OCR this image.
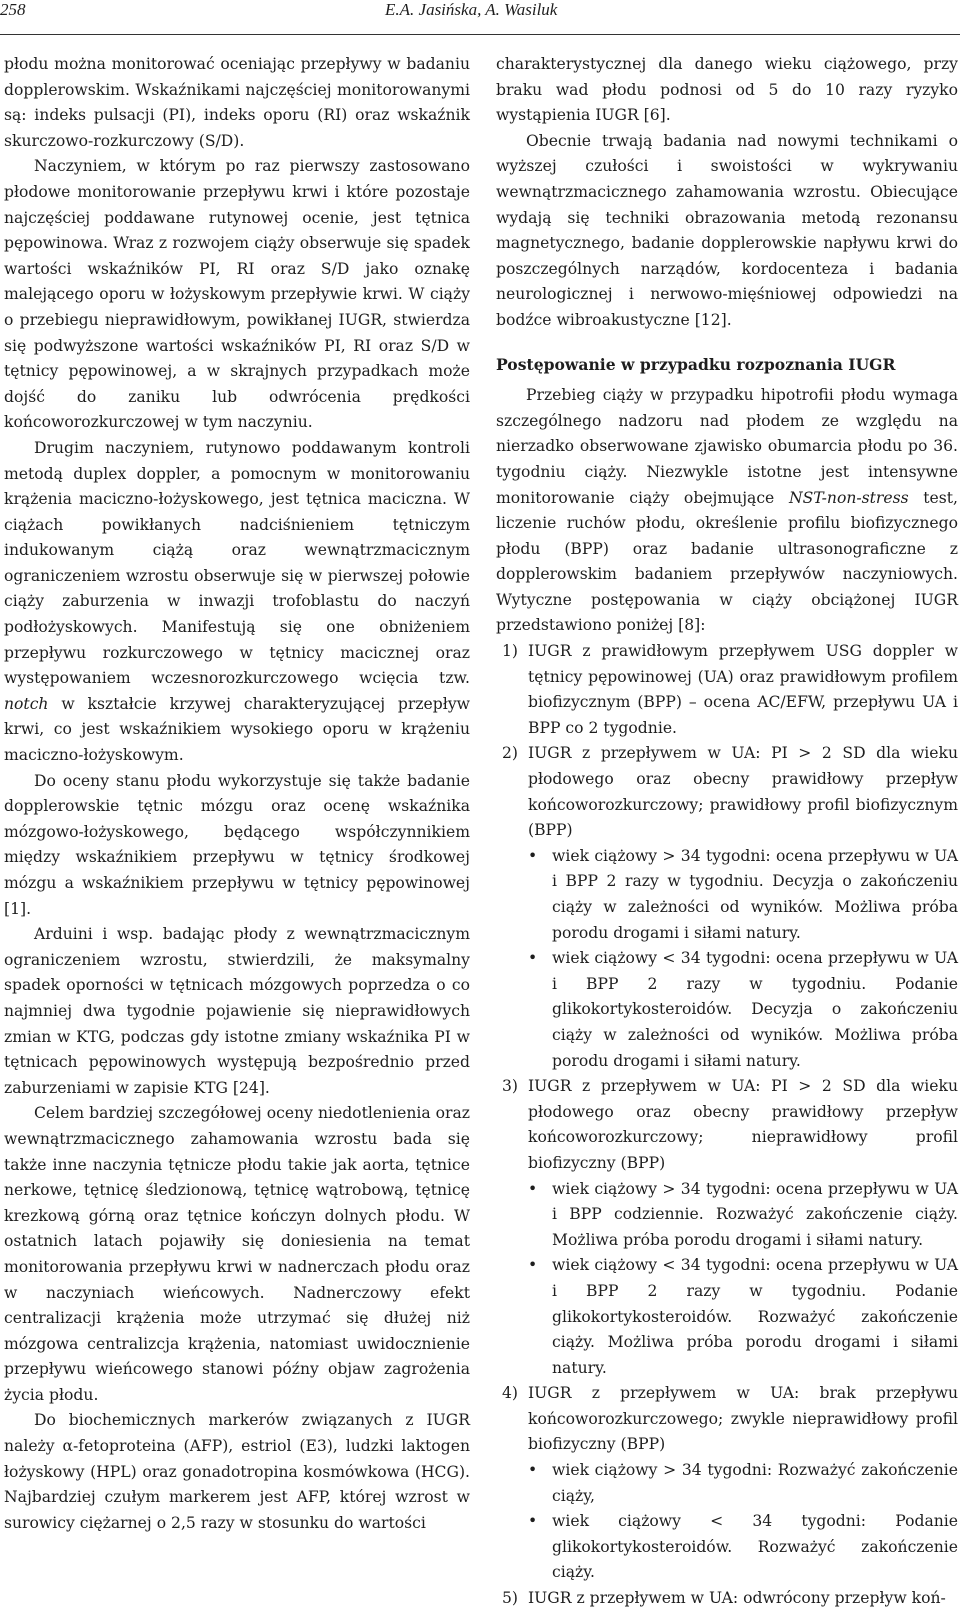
258	E.A. Jasińska, A. Wasiluk

płodu można monitorować oceniając przepływy w badaniu dopplerowskim. Wskaźnikami najczęściej monitorowanymi są: indeks pulsacji (PI), indeks oporu (RI) oraz wskaźnik skurczowo-rozkurczowy (S/D).

Naczyniem, w którym po raz pierwszy zastosowano płodowe monitorowanie przepływu krwi i które pozostaje najczęściej poddawane rutynowej ocenie, jest tętnica pępowinowa. Wraz z rozwojem ciąży obserwuje się spadek wartości wskaźników PI, RI oraz S/D jako oznakę malejącego oporu w łożyskowym przepływie krwi. W ciąży o przebiegu nieprawidłowym, powikłanej IUGR, stwierdza się podwyższone wartości wskaźników PI, RI oraz S/D w tętnicy pępowinowej, a w skrajnych przypadkach może dojść do zaniku lub odwrócenia prędkości końcoworozkurczowej w tym naczyniu.

Drugim naczyniem, rutynowo poddawanym kontroli metodą duplex doppler, a pomocnym w monitorowaniu krążenia maciczno-łożyskowego, jest tętnica maciczna. W ciążach powikłanych nadciśnieniem tętniczym indukowanym ciążą oraz wewnątrzmacicznym ograniczeniem wzrostu obserwuje się w pierwszej połowie ciąży zaburzenia w inwazji trofoblastu do naczyń podłożyskowych. Manifestują się one obniżeniem przepływu rozkurczowego w tętnicy macicznej oraz występowaniem wczesnorozkurczowego wcięcia tzw. notch w kształcie krzywej charakteryzującej przepływ krwi, co jest wskaźnikiem wysokiego oporu w krążeniu maciczno-łożyskowym.

Do oceny stanu płodu wykorzystuje się także badanie dopplerowskie tętnic mózgu oraz ocenę wskaźnika mózgowo-łożyskowego, będącego współczynnikiem między wskaźnikiem przepływu w tętnicy środkowej mózgu a wskaźnikiem przepływu w tętnicy pępowinowej [1].

Arduini i wsp. badając płody z wewnątrzmacicznym ograniczeniem wzrostu, stwierdzili, że maksymalny spadek oporności w tętnicach mózgowych poprzedza o co najmniej dwa tygodnie pojawienie się nieprawidłowych zmian w KTG, podczas gdy istotne zmiany wskaźnika PI w tętnicach pępowinowych występują bezpośrednio przed zaburzeniami w zapisie KTG [24].

Celem bardziej szczegółowej oceny niedotlenienia oraz wewnątrzmacicznego zahamowania wzrostu bada się także inne naczynia tętnicze płodu takie jak aorta, tętnice nerkowe, tętnicę śledzionową, tętnicę wątrobową, tętnicę krezkową górną oraz tętnice kończyn dolnych płodu. W ostatnich latach pojawiły się doniesienia na temat monitorowania przepływu krwi w nadnerczach płodu oraz w naczyniach wieńcowych. Nadnerczowy efekt centralizacji krążenia może utrzymać się dłużej niż mózgowa centralizcja krążenia, natomiast uwidocznienie przepływu wieńcowego stanowi późny objaw zagrożenia życia płodu.

Do biochemicznych markerów związanych z IUGR należy α-fetoproteina (AFP), estriol (E3), ludzki laktogen łożyskowy (HPL) oraz gonadotropina kosmówkowa (HCG). Najbardziej czułym markerem jest AFP, której wzrost w surowicy ciężarnej o 2,5 razy w stosunku do wartości

charakterystycznej dla danego wieku ciążowego, przy braku wad płodu podnosi od 5 do 10 razy ryzyko wystąpienia IUGR [6].

Obecnie trwają badania nad nowymi technikami o wyższej czułości i swoistości w wykrywaniu wewnątrzmacicznego zahamowania wzrostu. Obiecujące wydają się techniki obrazowania metodą rezonansu magnetycznego, badanie dopplerowskie napływu krwi do poszczególnych narządów, kordocenteza i badania neurologicznej i nerwowo-mięśniowej odpowiedzi na bodźce wibroakustyczne [12].

Postępowanie w przypadku rozpoznania IUGR

Przebieg ciąży w przypadku hipotrofii płodu wymaga szczególnego nadzoru nad płodem ze względu na nierzadko obserwowane zjawisko obumarcia płodu po 36. tygodniu ciąży. Niezwykle istotne jest intensywne monitorowanie ciąży obejmujące NST-non-stress test, liczenie ruchów płodu, określenie profilu biofizycznego płodu (BPP) oraz badanie ultrasonograficzne z dopplerowskim badaniem przepływów naczyniowych. Wytyczne postępowania w ciąży obciążonej IUGR przedstawiono poniżej [8]:

1) IUGR z prawidłowym przepływem USG doppler w tętnicy pępowinowej (UA) oraz prawidłowym profilem biofizycznym (BPP) – ocena AC/EFW, przepływu UA i BPP co 2 tygodnie.
2) IUGR z przepływem w UA: PI > 2 SD dla wieku płodowego oraz obecny prawidłowy przepływ końcoworozkurczowy; prawidłowy profil biofizycznym (BPP)
• wiek ciążowy > 34 tygodni: ocena przepływu w UA i BPP 2 razy w tygodniu. Decyzja o zakończeniu ciąży w zależności od wyników. Możliwa próba porodu drogami i siłami natury.
• wiek ciążowy < 34 tygodni: ocena przepływu w UA i BPP 2 razy w tygodniu. Podanie glikokortykosteroidów. Decyzja o zakończeniu ciąży w zależności od wyników. Możliwa próba porodu drogami i siłami natury.
3) IUGR z przepływem w UA: PI > 2 SD dla wieku płodowego oraz obecny prawidłowy przepływ końcoworozkurczowy; nieprawidłowy profil biofizyczny (BPP)
• wiek ciążowy > 34 tygodni: ocena przepływu w UA i BPP codziennie. Rozważyć zakończenie ciąży. Możliwa próba porodu drogami i siłami natury.
• wiek ciążowy < 34 tygodni: ocena przepływu w UA i BPP 2 razy w tygodniu. Podanie glikokortykosteroidów. Rozważyć zakończenie ciąży. Możliwa próba porodu drogami i siłami natury.
4) IUGR z przepływem w UA: brak przepływu końcoworozkurczowego; zwykle nieprawidłowy profil biofizyczny (BPP)
• wiek ciążowy > 34 tygodni: Rozważyć zakończenie ciąży,
• wiek ciążowy < 34 tygodni: Podanie glikokortykosteroidów. Rozważyć zakończenie ciąży.
5) IUGR z przepływem w UA: odwrócony przepływ koń-
